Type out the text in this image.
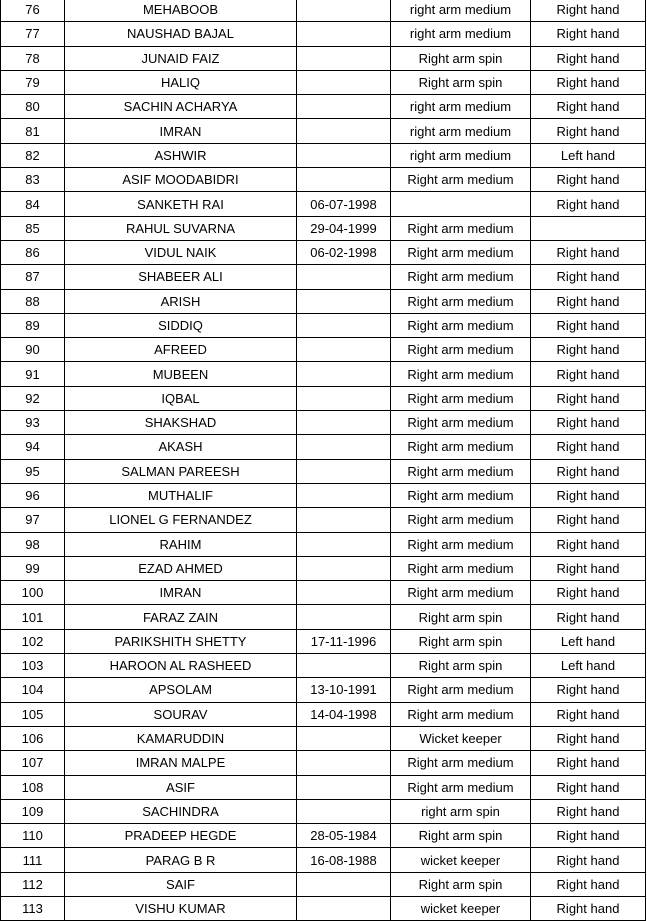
76	MEHABOOB		right arm medium	Right hand
77	NAUSHAD BAJAL		right arm medium	Right hand
78	JUNAID FAIZ		Right arm spin	Right hand
79	HALIQ		Right arm spin	Right hand
80	SACHIN ACHARYA		right arm medium	Right hand
81	IMRAN		right arm medium	Right hand
82	ASHWIR		right arm medium	Left hand
83	ASIF MOODABIDRI		Right arm medium	Right hand
84	SANKETH RAI	06-07-1998		Right hand
85	RAHUL SUVARNA	29-04-1999	Right arm medium	
86	VIDUL NAIK	06-02-1998	Right arm medium	Right hand
87	SHABEER ALI		Right arm medium	Right hand
88	ARISH		Right arm medium	Right hand
89	SIDDIQ		Right arm medium	Right hand
90	AFREED		Right arm medium	Right hand
91	MUBEEN		Right arm medium	Right hand
92	IQBAL		Right arm medium	Right hand
93	SHAKSHAD		Right arm medium	Right hand
94	AKASH		Right arm medium	Right hand
95	SALMAN PAREESH		Right arm medium	Right hand
96	MUTHALIF		Right arm medium	Right hand
97	LIONEL G FERNANDEZ		Right arm medium	Right hand
98	RAHIM		Right arm medium	Right hand
99	EZAD AHMED		Right arm medium	Right hand
100	IMRAN		Right arm medium	Right hand
101	FARAZ ZAIN		Right arm spin	Right hand
102	PARIKSHITH SHETTY	17-11-1996	Right arm spin	Left hand
103	HAROON AL RASHEED		Right arm spin	Left hand
104	APSOLAM	13-10-1991	Right arm medium	Right hand
105	SOURAV	14-04-1998	Right arm medium	Right hand
106	KAMARUDDIN		Wicket keeper	Right hand
107	IMRAN MALPE		Right arm medium	Right hand
108	ASIF		Right arm medium	Right hand
109	SACHINDRA		right arm spin	Right hand
110	PRADEEP HEGDE	28-05-1984	Right arm spin	Right hand
111	PARAG B R	16-08-1988	wicket keeper	Right hand
112	SAIF		Right arm spin	Right hand
113	VISHU KUMAR		wicket keeper	Right hand
